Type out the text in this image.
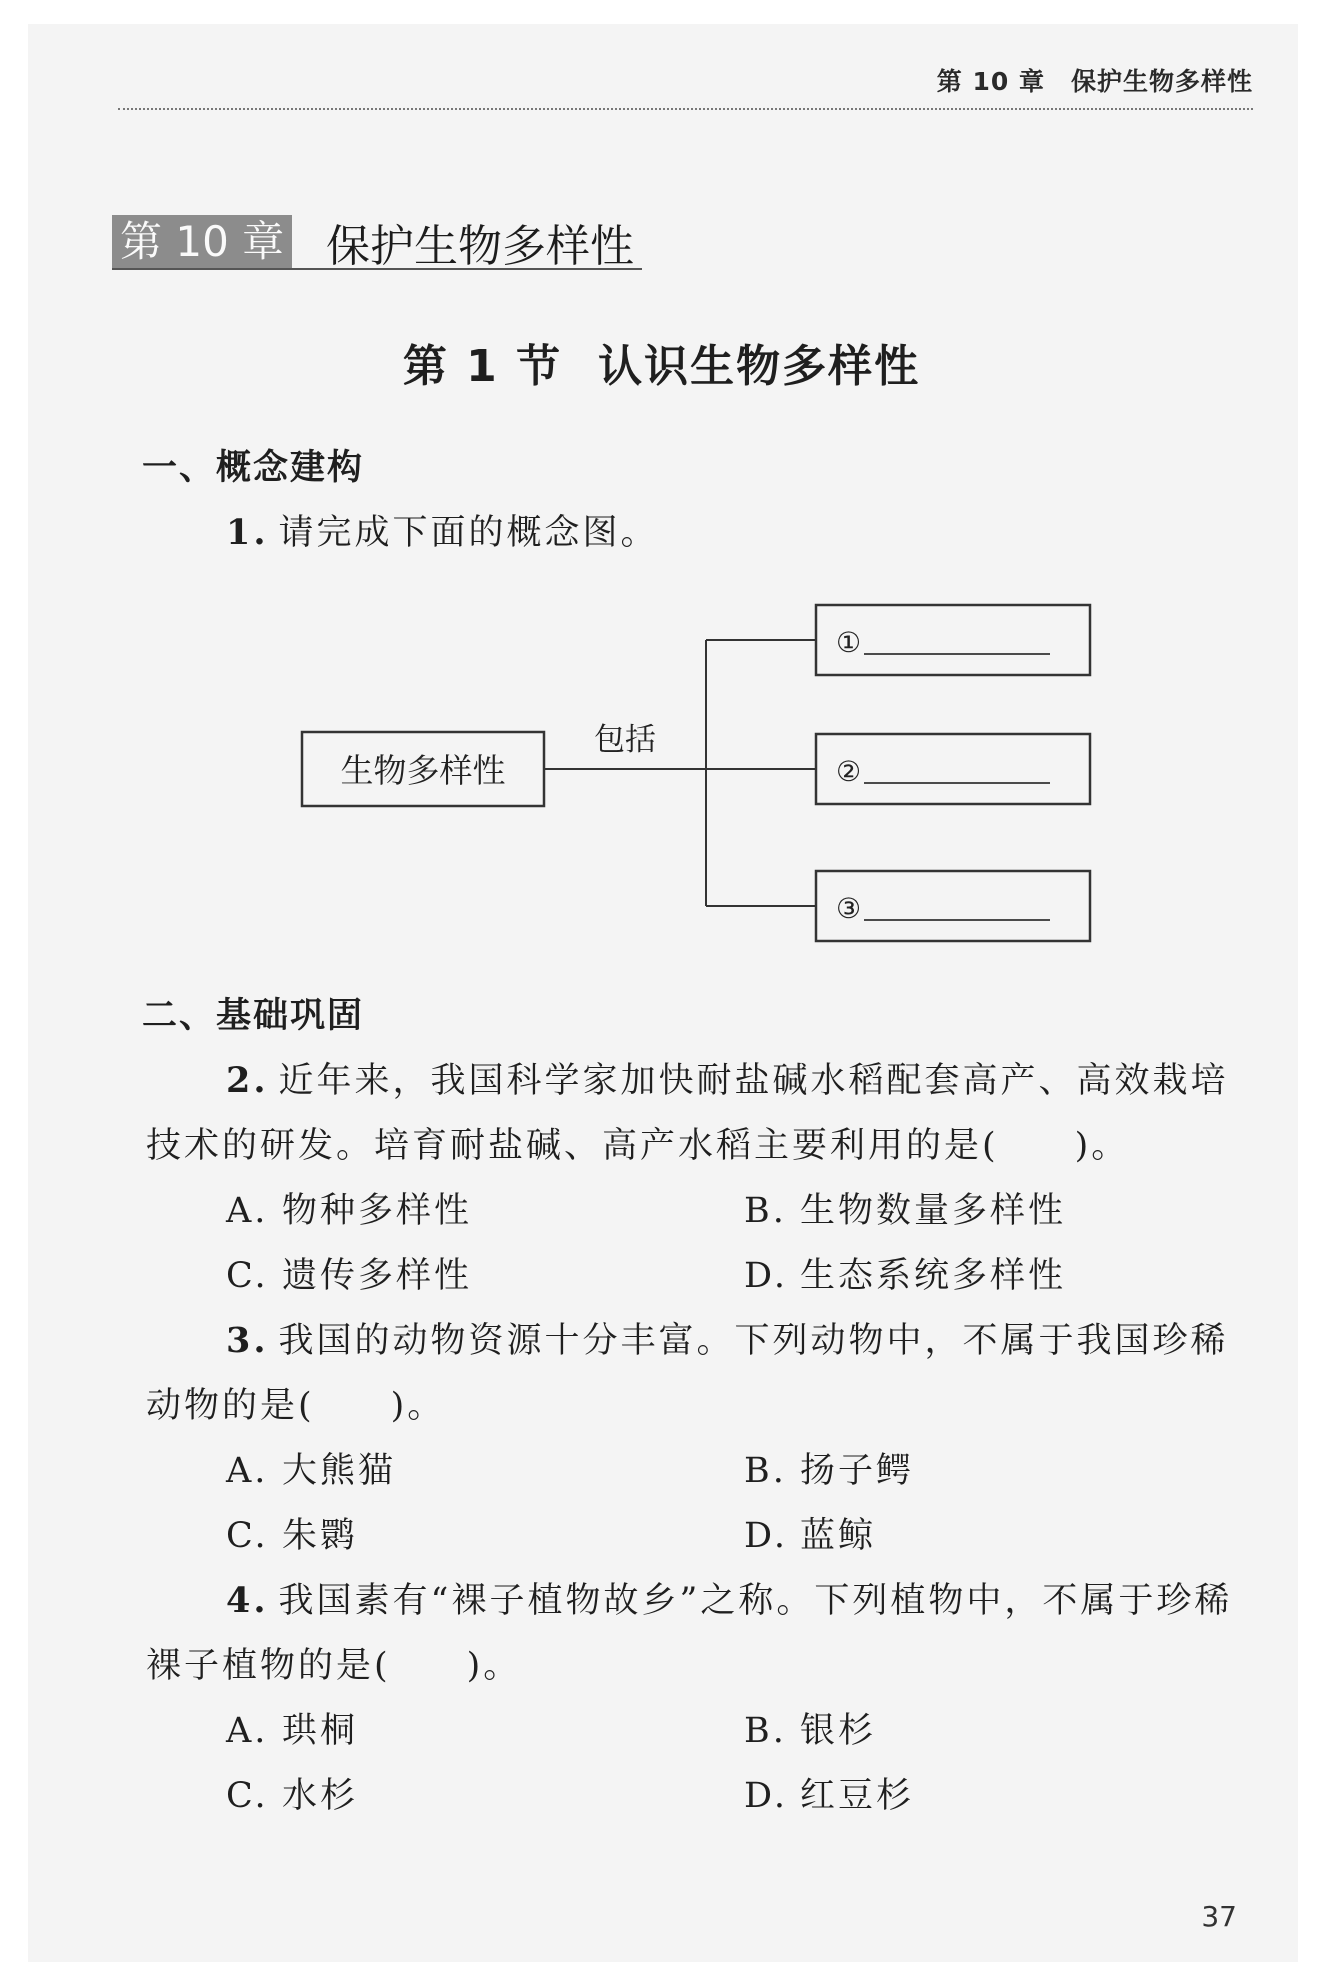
第 10 章 保护生物多样性
第 10 章 保护生物多样性
第 1 节 认识生物多样性
一、概念建构
1. 请完成下面的概念图。
生物多样性
包括
①
②
③
二、基础巩固
2. 近年来，我国科学家加快耐盐碱水稻配套高产、高效栽培
技术的研发。培育耐盐碱、高产水稻主要利用的是(　　)。
A. 物种多样性	B. 生物数量多样性
C. 遗传多样性	D. 生态系统多样性
3. 我国的动物资源十分丰富。下列动物中，不属于我国珍稀
动物的是(　　)。
A. 大熊猫	B. 扬子鳄
C. 朱鹮	D. 蓝鲸
4. 我国素有“裸子植物故乡”之称。下列植物中，不属于珍稀
裸子植物的是(　　)。
A. 珙桐	B. 银杉
C. 水杉	D. 红豆杉
37
